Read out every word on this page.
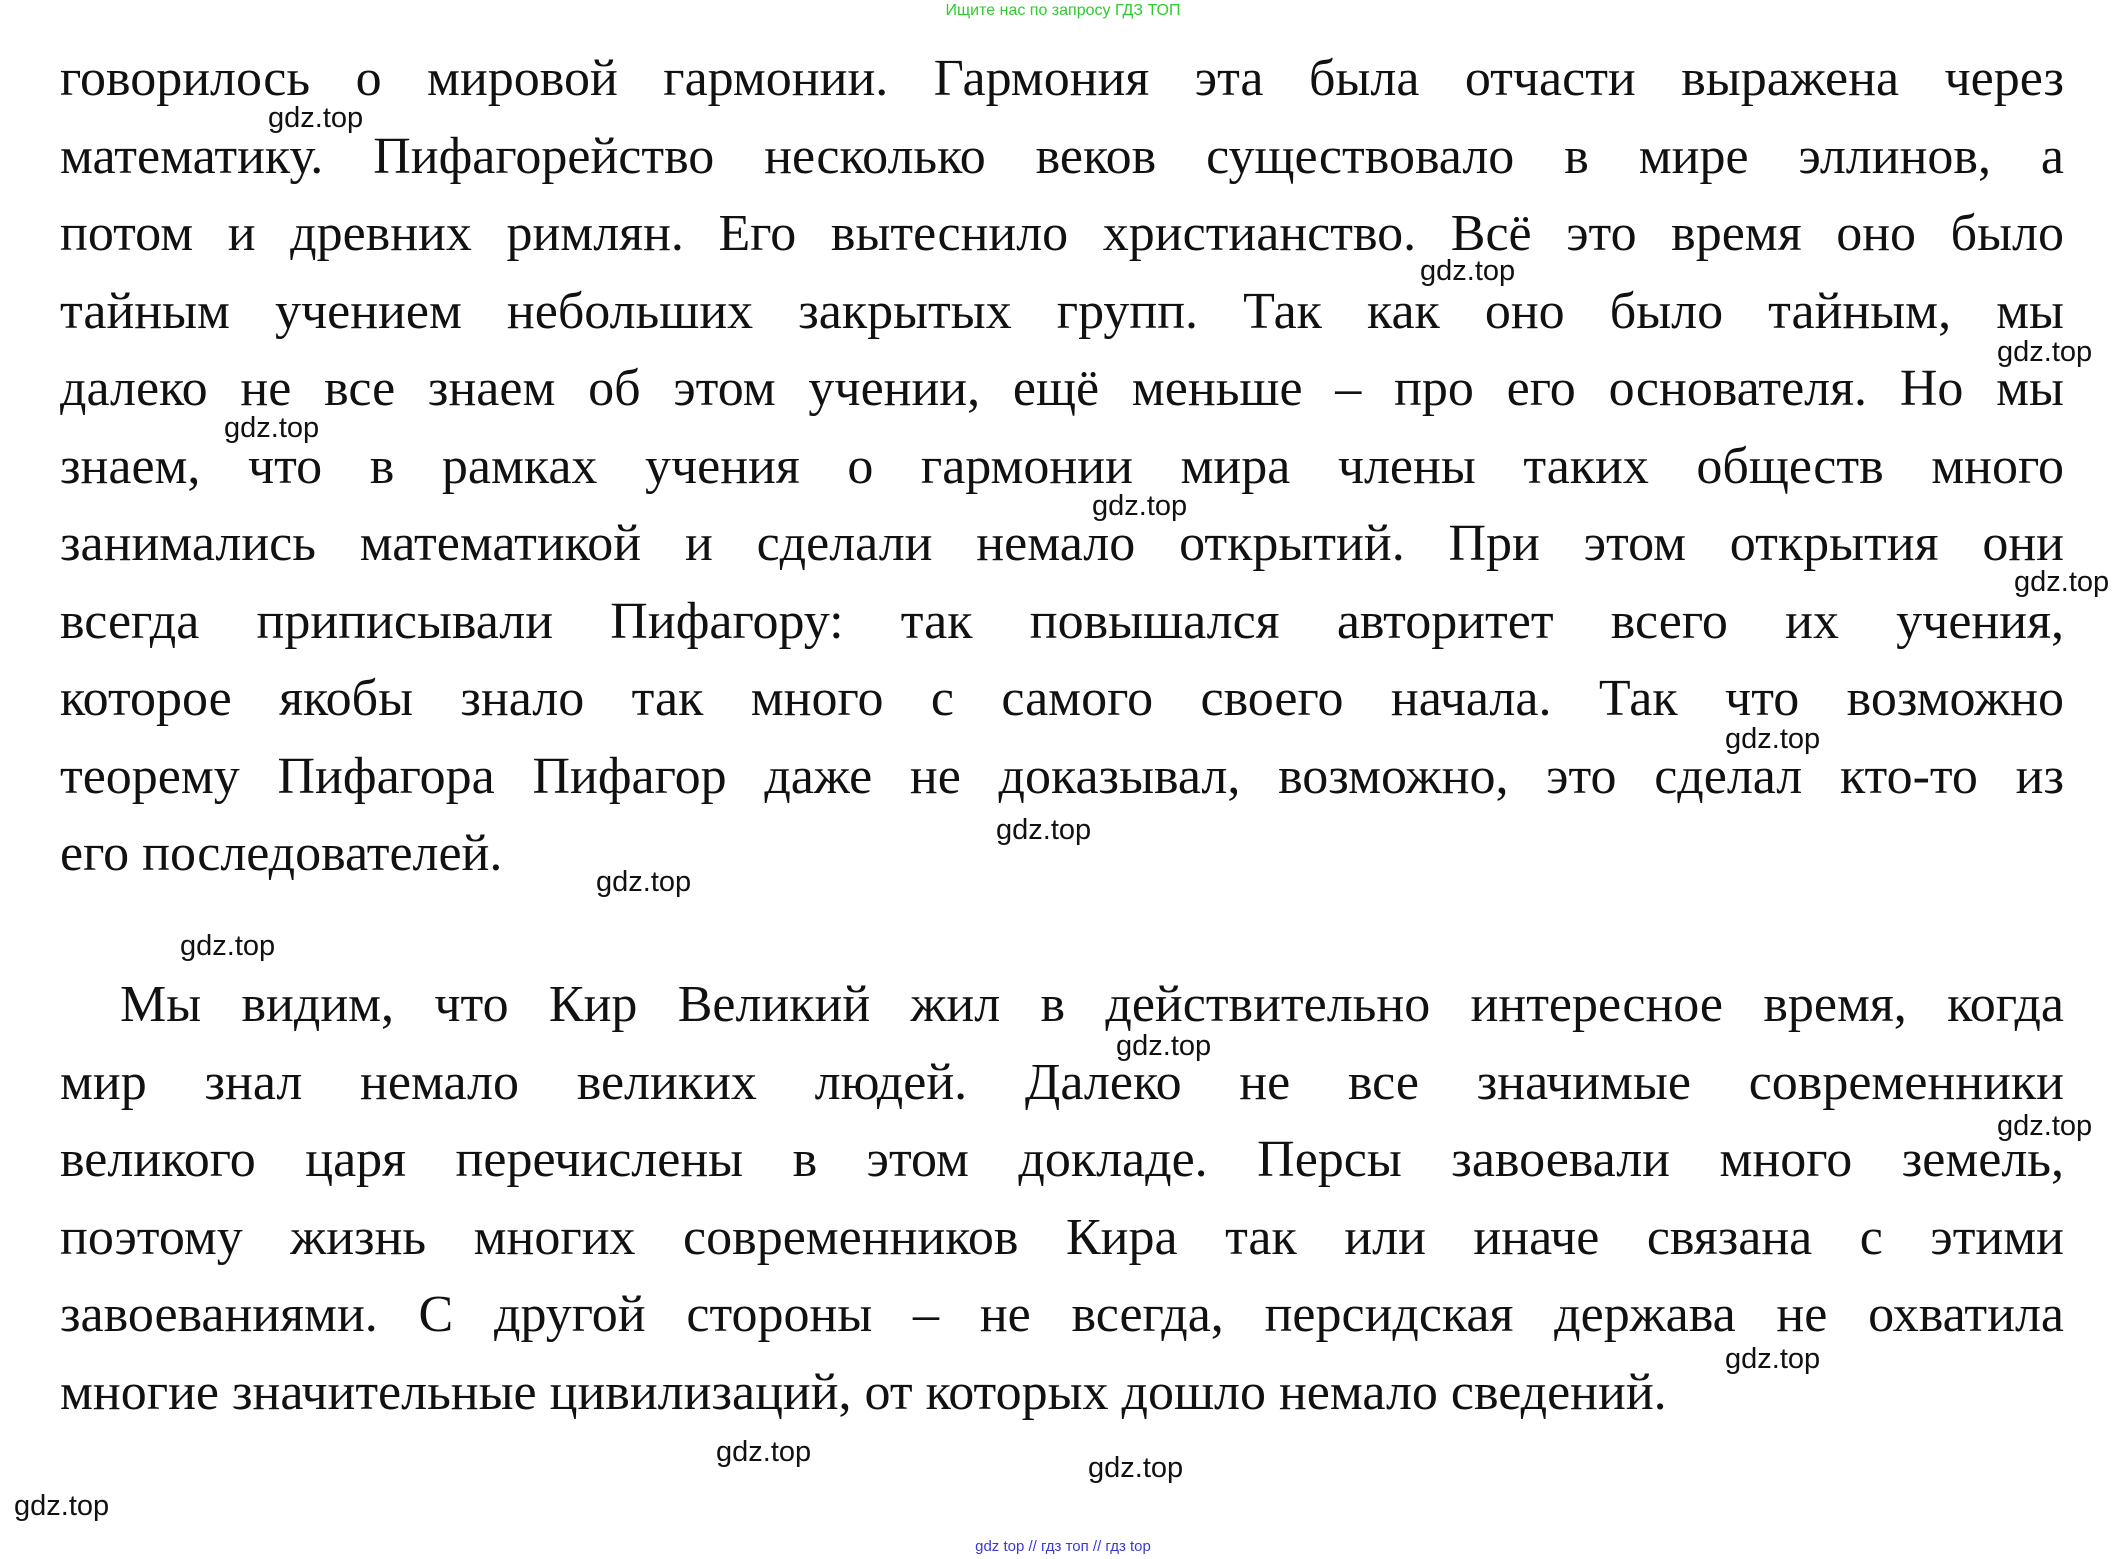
Ищите нас по запросу ГДЗ ТОП
говорилось о мировой гармонии. Гармония эта была отчасти выражена через
математику. Пифагорейство несколько веков существовало в мире эллинов, а
потом и древних римлян. Его вытеснило христианство. Всё это время оно было
тайным учением небольших закрытых групп. Так как оно было тайным, мы
далеко не все знаем об этом учении, ещё меньше – про его основателя. Но мы
знаем, что в рамках учения о гармонии мира члены таких обществ много
занимались математикой и сделали немало открытий. При этом открытия они
всегда приписывали Пифагору: так повышался авторитет всего их учения,
которое якобы знало так много с самого своего начала. Так что возможно
теорему Пифагора Пифагор даже не доказывал, возможно, это сделал кто-то из
его последователей.
Мы видим, что Кир Великий жил в действительно интересное время, когда
мир знал немало великих людей. Далеко не все значимые современники
великого царя перечислены в этом докладе. Персы завоевали много земель,
поэтому жизнь многих современников Кира так или иначе связана с этими
завоеваниями. С другой стороны – не всегда, персидская держава не охватила
многие значительные цивилизаций, от которых дошло немало сведений.
gdz.top
gdz.top
gdz.top
gdz.top
gdz.top
gdz.top
gdz.top
gdz.top
gdz.top
gdz.top
gdz.top
gdz.top
gdz.top
gdz.top
gdz.top
gdz.top
gdz top // гдз топ // гдз top
